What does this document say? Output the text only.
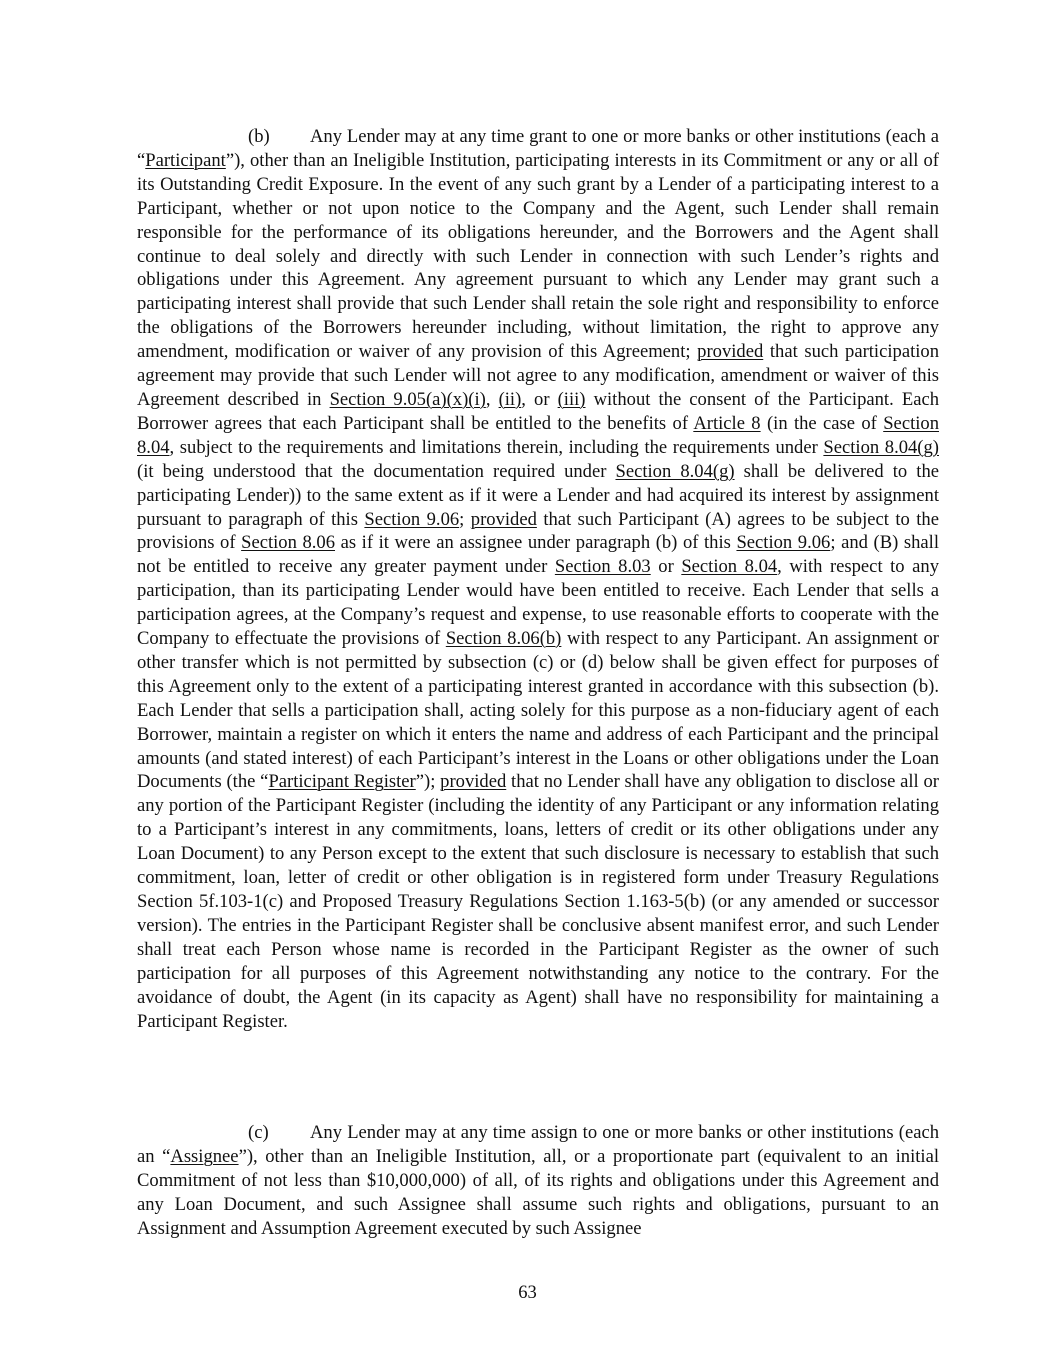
(b) Any Lender may at any time grant to one or more banks or other institutions (each a “Participant”), other than an Ineligible Institution, participating interests in its Commitment or any or all of its Outstanding Credit Exposure. In the event of any such grant by a Lender of a participating interest to a Participant, whether or not upon notice to the Company and the Agent, such Lender shall remain responsible for the performance of its obligations hereunder, and the Borrowers and the Agent shall continue to deal solely and directly with such Lender in connection with such Lender’s rights and obligations under this Agreement. Any agreement pursuant to which any Lender may grant such a participating interest shall provide that such Lender shall retain the sole right and responsibility to enforce the obligations of the Borrowers hereunder including, without limitation, the right to approve any amendment, modification or waiver of any provision of this Agreement; provided that such participation agreement may provide that such Lender will not agree to any modification, amendment or waiver of this Agreement described in Section 9.05(a)(x)(i), (ii), or (iii) without the consent of the Participant. Each Borrower agrees that each Participant shall be entitled to the benefits of Article 8 (in the case of Section 8.04, subject to the requirements and limitations therein, including the requirements under Section 8.04(g) (it being understood that the documentation required under Section 8.04(g) shall be delivered to the participating Lender)) to the same extent as if it were a Lender and had acquired its interest by assignment pursuant to paragraph of this Section 9.06; provided that such Participant (A) agrees to be subject to the provisions of Section 8.06 as if it were an assignee under paragraph (b) of this Section 9.06; and (B) shall not be entitled to receive any greater payment under Section 8.03 or Section 8.04, with respect to any participation, than its participating Lender would have been entitled to receive. Each Lender that sells a participation agrees, at the Company’s request and expense, to use reasonable efforts to cooperate with the Company to effectuate the provisions of Section 8.06(b) with respect to any Participant. An assignment or other transfer which is not permitted by subsection (c) or (d) below shall be given effect for purposes of this Agreement only to the extent of a participating interest granted in accordance with this subsection (b). Each Lender that sells a participation shall, acting solely for this purpose as a non-fiduciary agent of each Borrower, maintain a register on which it enters the name and address of each Participant and the principal amounts (and stated interest) of each Participant’s interest in the Loans or other obligations under the Loan Documents (the “Participant Register”); provided that no Lender shall have any obligation to disclose all or any portion of the Participant Register (including the identity of any Participant or any information relating to a Participant’s interest in any commitments, loans, letters of credit or its other obligations under any Loan Document) to any Person except to the extent that such disclosure is necessary to establish that such commitment, loan, letter of credit or other obligation is in registered form under Treasury Regulations Section 5f.103-1(c) and Proposed Treasury Regulations Section 1.163-5(b) (or any amended or successor version). The entries in the Participant Register shall be conclusive absent manifest error, and such Lender shall treat each Person whose name is recorded in the Participant Register as the owner of such participation for all purposes of this Agreement notwithstanding any notice to the contrary. For the avoidance of doubt, the Agent (in its capacity as Agent) shall have no responsibility for maintaining a Participant Register.

(c) Any Lender may at any time assign to one or more banks or other institutions (each an “Assignee”), other than an Ineligible Institution, all, or a proportionate part (equivalent to an initial Commitment of not less than $10,000,000) of all, of its rights and obligations under this Agreement and any Loan Document, and such Assignee shall assume such rights and obligations, pursuant to an Assignment and Assumption Agreement executed by such Assignee

63
